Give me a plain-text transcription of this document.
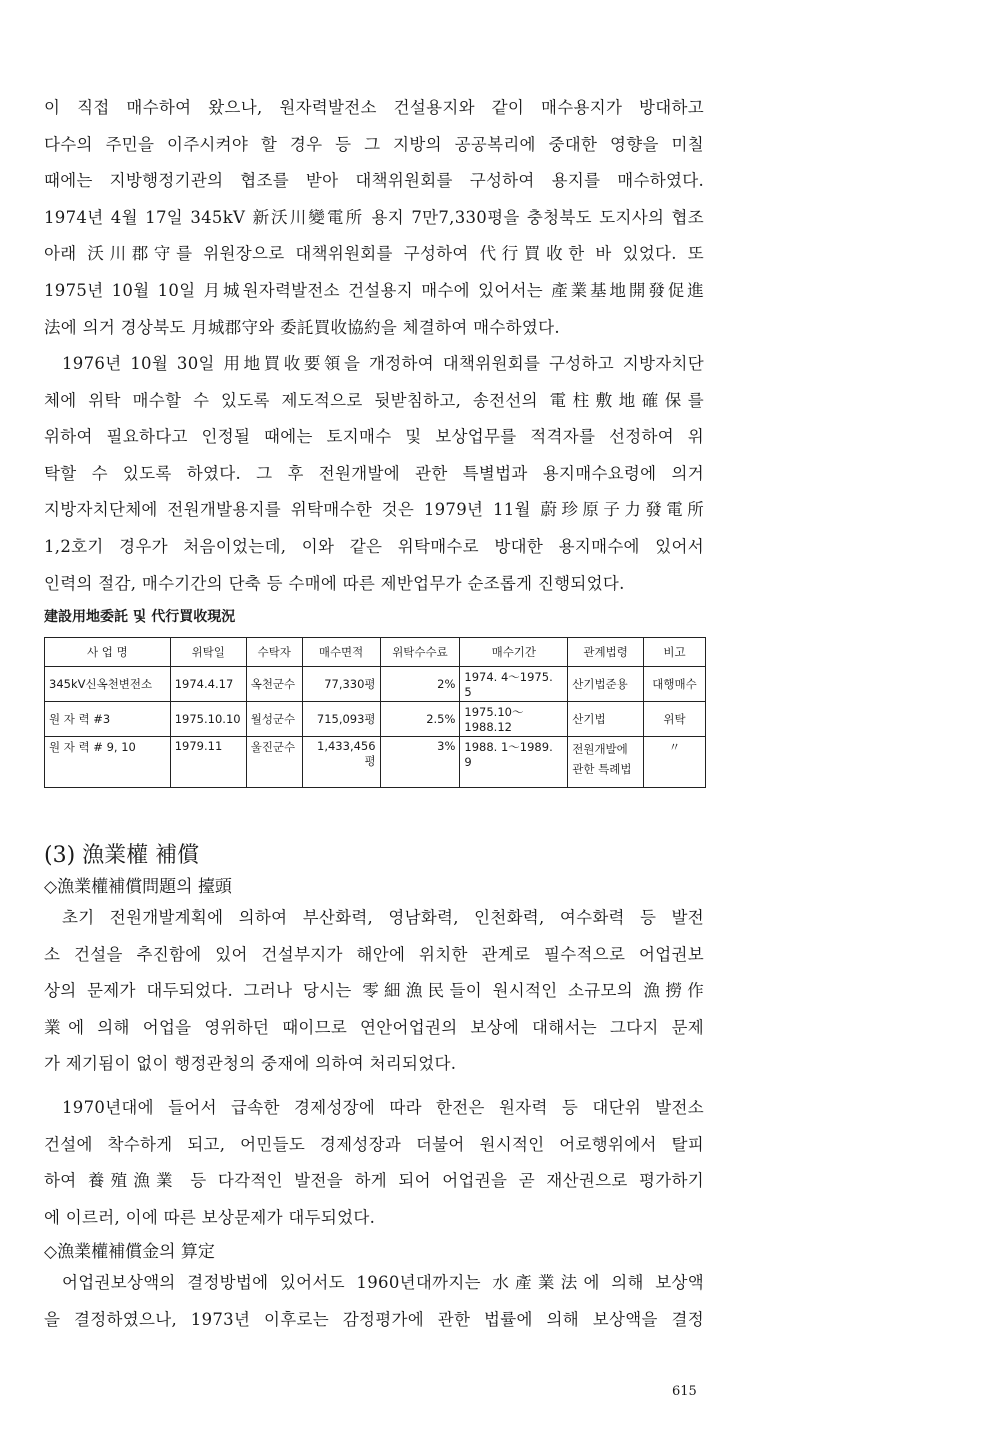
이 직접 매수하여 왔으나, 원자력발전소 건설용지와 같이 매수용지가 방대하고
다수의 주민을 이주시켜야 할 경우 등 그 지방의 공공복리에 중대한 영향을 미칠
때에는 지방행정기관의 협조를 받아 대책위원회를 구성하여 용지를 매수하였다.
1974년 4월 17일 345kV 新沃川變電所 용지 7만7,330평을 충청북도 도지사의 협조
아래 沃川郡守를 위원장으로 대책위원회를 구성하여 代行買收한 바 있었다. 또
1975년 10월 10일 月城원자력발전소 건설용지 매수에 있어서는 產業基地開發促進
法에 의거 경상북도 月城郡守와 委託買收協約을 체결하여 매수하였다.
1976년 10월 30일 用地買收要領을 개정하여 대책위원회를 구성하고 지방자치단
체에 위탁 매수할 수 있도록 제도적으로 뒷받침하고, 송전선의 電柱敷地確保를
위하여 필요하다고 인정될 때에는 토지매수 및 보상업무를 적격자를 선정하여 위
탁할 수 있도록 하였다. 그 후 전원개발에 관한 특별법과 용지매수요령에 의거
지방자치단체에 전원개발용지를 위탁매수한 것은 1979년 11월 蔚珍原子力發電所
1,2호기 경우가 처음이었는데, 이와 같은 위탁매수로 방대한 용지매수에 있어서
인력의 절감, 매수기간의 단축 등 수매에 따른 제반업무가 순조롭게 진행되었다.
建設用地委託 및 代行買收現況
사 업 명	위탁일	수탁자	매수면적	위탁수수료	매수기간	관계법령	비고
345kV신옥천변전소	1974.4.17	옥천군수	77,330평	2%	1974. 4～1975. 5	산기법준용	대행매수
원 자 력 #3	1975.10.10	월성군수	715,093평	2.5%	1975.10～1988.12	산기법	위탁
원 자 력 # 9, 10	1979.11	울진군수	1,433,456평	3%	1988. 1～1989. 9	전원개발에 관한 특례법	〃
(3) 漁業權 補償
◇漁業權補償問題의 擡頭
초기 전원개발계획에 의하여 부산화력, 영남화력, 인천화력, 여수화력 등 발전
소 건설을 추진함에 있어 건설부지가 해안에 위치한 관계로 필수적으로 어업권보
상의 문제가 대두되었다. 그러나 당시는 零細漁民들이 원시적인 소규모의 漁撈作
業에 의해 어업을 영위하던 때이므로 연안어업권의 보상에 대해서는 그다지 문제
가 제기됨이 없이 행정관청의 중재에 의하여 처리되었다.
1970년대에 들어서 급속한 경제성장에 따라 한전은 원자력 등 대단위 발전소
건설에 착수하게 되고, 어민들도 경제성장과 더불어 원시적인 어로행위에서 탈피
하여 養殖漁業 등 다각적인 발전을 하게 되어 어업권을 곧 재산권으로 평가하기
에 이르러, 이에 따른 보상문제가 대두되었다.
◇漁業權補償金의 算定
어업권보상액의 결정방법에 있어서도 1960년대까지는 水產業法에 의해 보상액
을 결정하였으나, 1973년 이후로는 감정평가에 관한 법률에 의해 보상액을 결정
615
